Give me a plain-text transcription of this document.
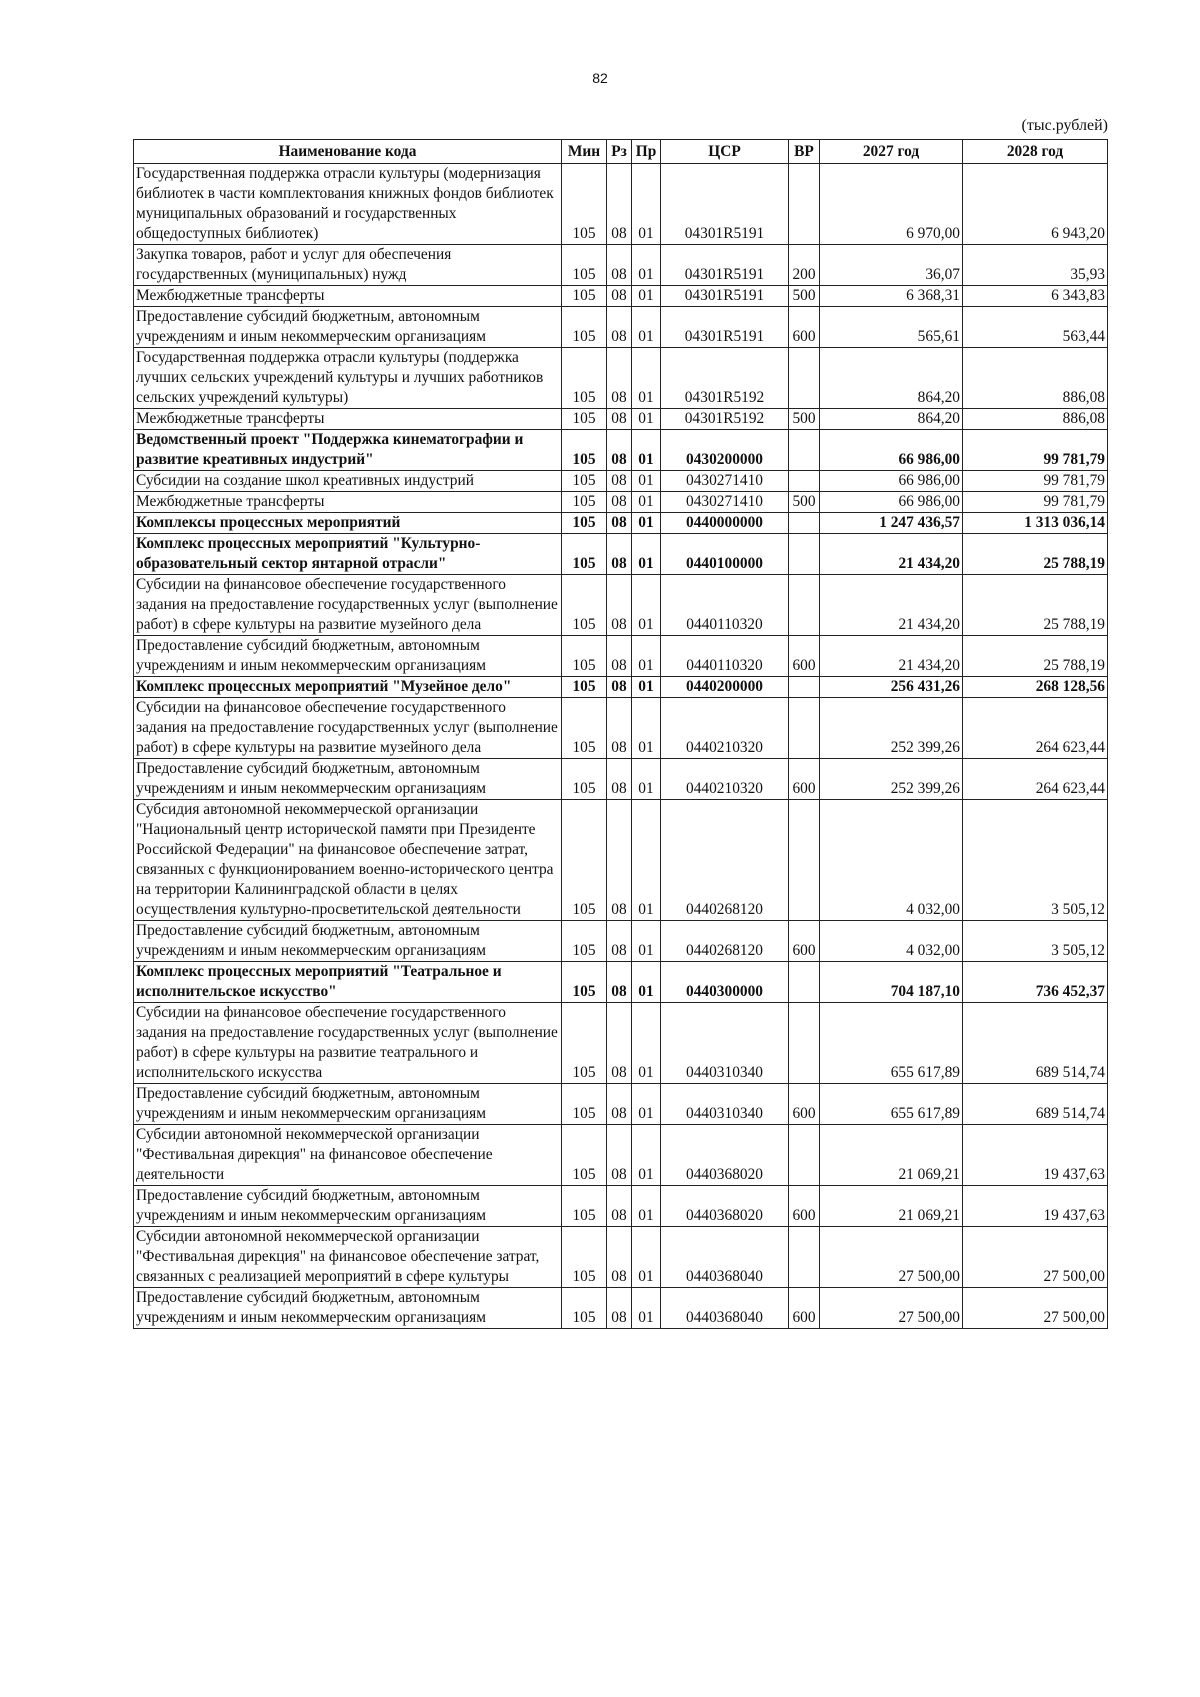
82
(тыс.рублей)
Наименование кода	Мин	Рз	Пр	ЦСР	ВР	2027 год	2028 год
Государственная поддержка отрасли культуры (модернизация библиотек в части комплектования книжных фондов библиотек муниципальных образований и государственных общедоступных библиотек)	105	08	01	04301R5191		6 970,00	6 943,20
Закупка товаров, работ и услуг для обеспечения государственных (муниципальных) нужд	105	08	01	04301R5191	200	36,07	35,93
Межбюджетные трансферты	105	08	01	04301R5191	500	6 368,31	6 343,83
Предоставление субсидий бюджетным, автономным учреждениям и иным некоммерческим организациям	105	08	01	04301R5191	600	565,61	563,44
Государственная поддержка отрасли культуры (поддержка лучших сельских учреждений культуры и лучших работников сельских учреждений культуры)	105	08	01	04301R5192		864,20	886,08
Межбюджетные трансферты	105	08	01	04301R5192	500	864,20	886,08
Ведомственный проект "Поддержка кинематографии и развитие креативных индустрий"	105	08	01	0430200000		66 986,00	99 781,79
Субсидии на создание школ креативных индустрий	105	08	01	0430271410		66 986,00	99 781,79
Межбюджетные трансферты	105	08	01	0430271410	500	66 986,00	99 781,79
Комплексы процессных мероприятий	105	08	01	0440000000		1 247 436,57	1 313 036,14
Комплекс процессных мероприятий "Культурно-образовательный сектор янтарной отрасли"	105	08	01	0440100000		21 434,20	25 788,19
Субсидии на финансовое обеспечение государственного задания на предоставление государственных услуг (выполнение работ) в сфере культуры на развитие музейного дела	105	08	01	0440110320		21 434,20	25 788,19
Предоставление субсидий бюджетным, автономным учреждениям и иным некоммерческим организациям	105	08	01	0440110320	600	21 434,20	25 788,19
Комплекс процессных мероприятий "Музейное дело"	105	08	01	0440200000		256 431,26	268 128,56
Субсидии на финансовое обеспечение государственного задания на предоставление государственных услуг (выполнение работ) в сфере культуры на развитие музейного дела	105	08	01	0440210320		252 399,26	264 623,44
Предоставление субсидий бюджетным, автономным учреждениям и иным некоммерческим организациям	105	08	01	0440210320	600	252 399,26	264 623,44
Субсидия автономной некоммерческой организации "Национальный центр исторической памяти при Президенте Российской Федерации" на финансовое обеспечение затрат, связанных с функционированием военно-исторического центра на территории Калининградской области в целях осуществления культурно-просветительской деятельности	105	08	01	0440268120		4 032,00	3 505,12
Предоставление субсидий бюджетным, автономным учреждениям и иным некоммерческим организациям	105	08	01	0440268120	600	4 032,00	3 505,12
Комплекс процессных мероприятий "Театральное и исполнительское искусство"	105	08	01	0440300000		704 187,10	736 452,37
Субсидии на финансовое обеспечение государственного задания на предоставление государственных услуг (выполнение работ) в сфере культуры на развитие театрального и исполнительского искусства	105	08	01	0440310340		655 617,89	689 514,74
Предоставление субсидий бюджетным, автономным учреждениям и иным некоммерческим организациям	105	08	01	0440310340	600	655 617,89	689 514,74
Субсидии автономной некоммерческой организации "Фестивальная дирекция" на финансовое обеспечение деятельности	105	08	01	0440368020		21 069,21	19 437,63
Предоставление субсидий бюджетным, автономным учреждениям и иным некоммерческим организациям	105	08	01	0440368020	600	21 069,21	19 437,63
Субсидии автономной некоммерческой организации "Фестивальная дирекция" на финансовое обеспечение затрат, связанных с реализацией мероприятий в сфере культуры	105	08	01	0440368040		27 500,00	27 500,00
Предоставление субсидий бюджетным, автономным учреждениям и иным некоммерческим организациям	105	08	01	0440368040	600	27 500,00	27 500,00
